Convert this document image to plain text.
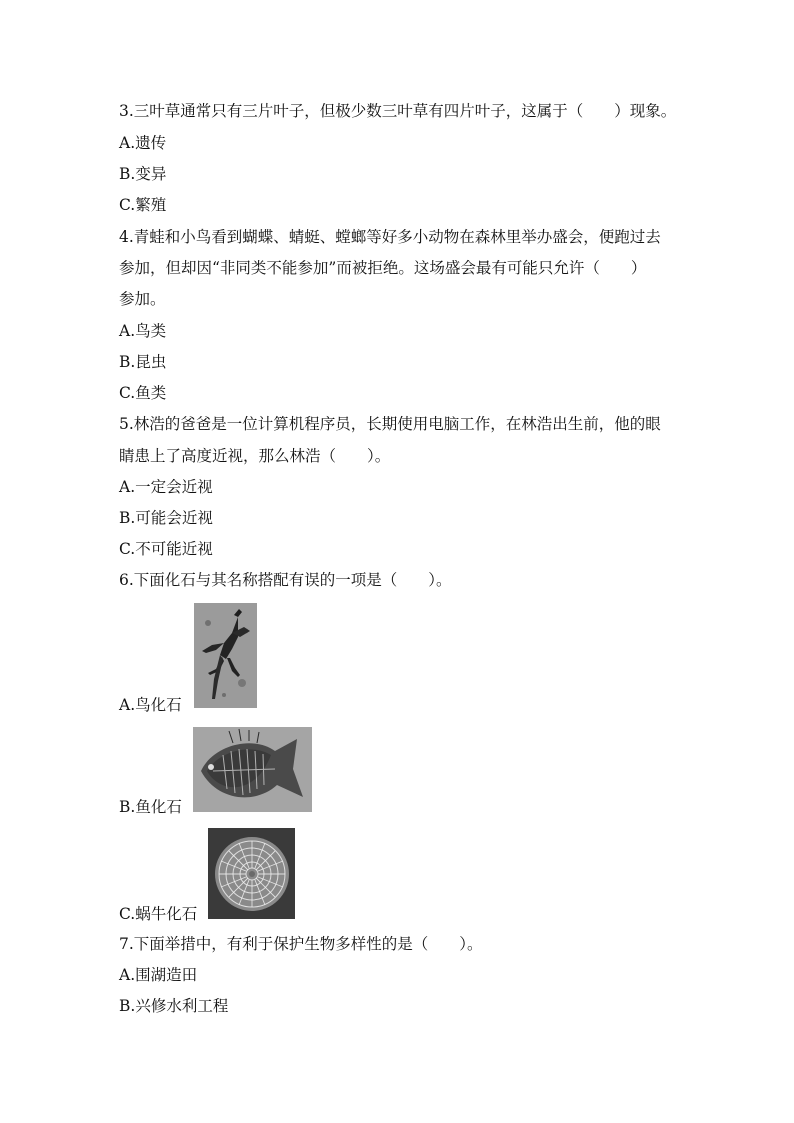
3.三叶草通常只有三片叶子，但极少数三叶草有四片叶子，这属于（　　）现象。
A.遗传
B.变异
C.繁殖
4.青蛙和小鸟看到蝴蝶、蜻蜓、螳螂等好多小动物在森林里举办盛会，便跑过去
参加，但却因“非同类不能参加”而被拒绝。这场盛会最有可能只允许（　　）
参加。
A.鸟类
B.昆虫
C.鱼类
5.林浩的爸爸是一位计算机程序员，长期使用电脑工作，在林浩出生前，他的眼
睛患上了高度近视，那么林浩（　　）。
A.一定会近视
B.可能会近视
C.不可能近视
6.下面化石与其名称搭配有误的一项是（　　）。
A.鸟化石
B.鱼化石
C.蜗牛化石
7.下面举措中，有利于保护生物多样性的是（　　）。
A.围湖造田
B.兴修水利工程
